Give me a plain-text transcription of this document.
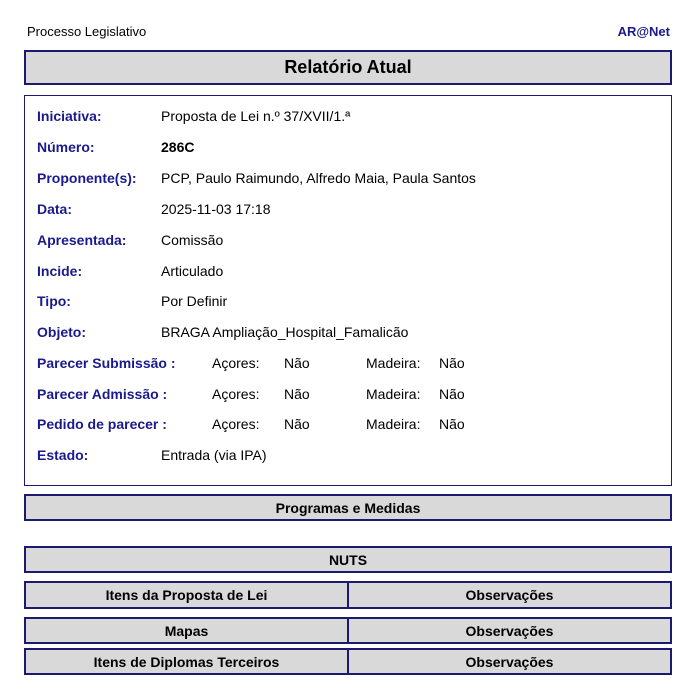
Processo Legislativo	AR@Net
Relatório Atual
Iniciativa:	Proposta de Lei n.º 37/XVII/1.ª
Número:	286C
Proponente(s): PCP, Paulo Raimundo, Alfredo Maia, Paula Santos
Data:	2025-11-03 17:18
Apresentada: Comissão
Incide:	Articulado
Tipo:	Por Definir
Objeto:	BRAGA Ampliação_Hospital_Famalicão
Parecer Submissão :	Açores: Não	Madeira: Não
Parecer Admissão :	Açores: Não	Madeira: Não
Pedido de parecer :	Açores: Não	Madeira: Não
Estado:	Entrada (via IPA)
Programas e Medidas
NUTS
Itens da Proposta de Lei	Observações
Mapas	Observações
Itens de Diplomas Terceiros	Observações
